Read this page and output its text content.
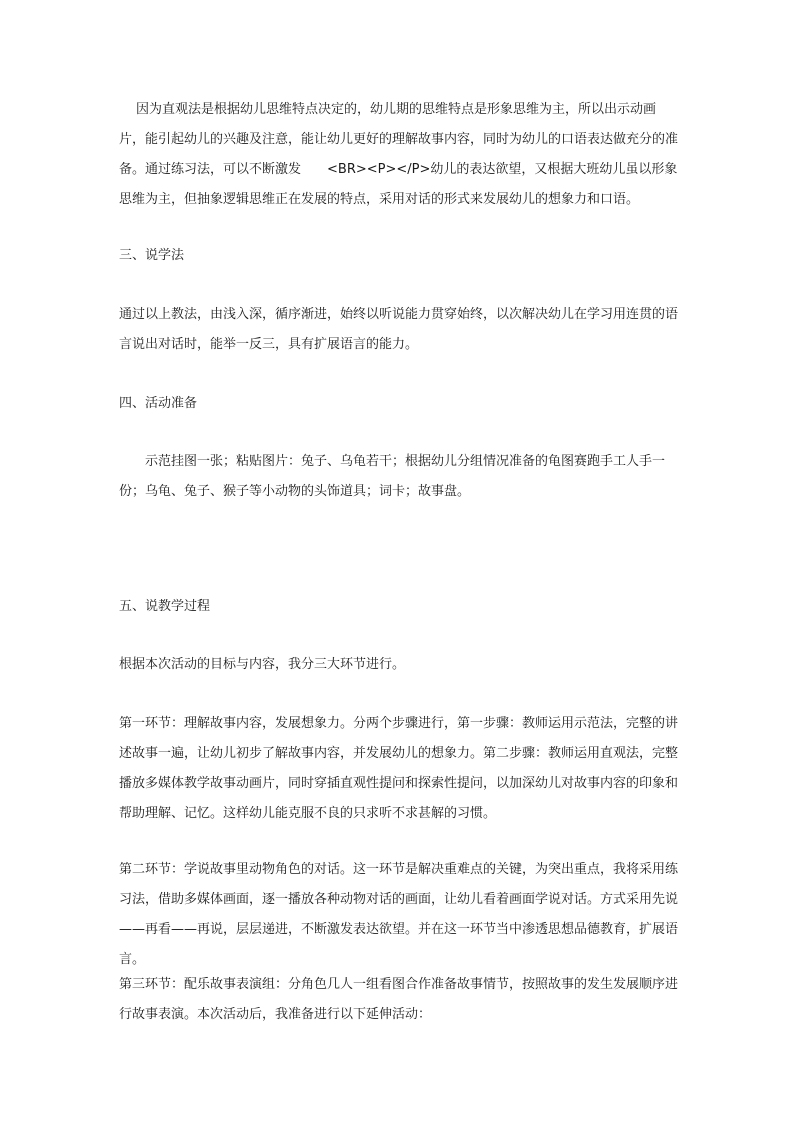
因为直观法是根据幼儿思维特点决定的，幼儿期的思维特点是形象思维为主，所以出示动画片，能引起幼儿的兴趣及注意，能让幼儿更好的理解故事内容，同时为幼儿的口语表达做充分的准备。通过练习法，可以不断激发 <BR><P></P>幼儿的表达欲望，又根据大班幼儿虽以形象思维为主，但抽象逻辑思维正在发展的特点，采用对话的形式来发展幼儿的想象力和口语。

三、说学法

通过以上教法，由浅入深，循序渐进，始终以听说能力贯穿始终，以次解决幼儿在学习用连贯的语言说出对话时，能举一反三，具有扩展语言的能力。

四、活动准备

示范挂图一张；粘贴图片：兔子、乌龟若干；根据幼儿分组情况准备的龟图赛跑手工人手一份；乌龟、兔子、猴子等小动物的头饰道具；词卡；故事盘。

五、说教学过程

根据本次活动的目标与内容，我分三大环节进行。

第一环节：理解故事内容，发展想象力。分两个步骤进行，第一步骤：教师运用示范法，完整的讲述故事一遍，让幼儿初步了解故事内容，并发展幼儿的想象力。第二步骤：教师运用直观法，完整播放多媒体教学故事动画片，同时穿插直观性提问和探索性提问，以加深幼儿对故事内容的印象和帮助理解、记忆。这样幼儿能克服不良的只求听不求甚解的习惯。

第二环节：学说故事里动物角色的对话。这一环节是解决重难点的关键，为突出重点，我将采用练习法，借助多媒体画面，逐一播放各种动物对话的画面，让幼儿看着画面学说对话。方式采用先说——再看——再说，层层递进，不断激发表达欲望。并在这一环节当中渗透思想品德教育，扩展语言。

第三环节：配乐故事表演组：分角色几人一组看图合作准备故事情节，按照故事的发生发展顺序进行故事表演。本次活动后，我准备进行以下延伸活动：
